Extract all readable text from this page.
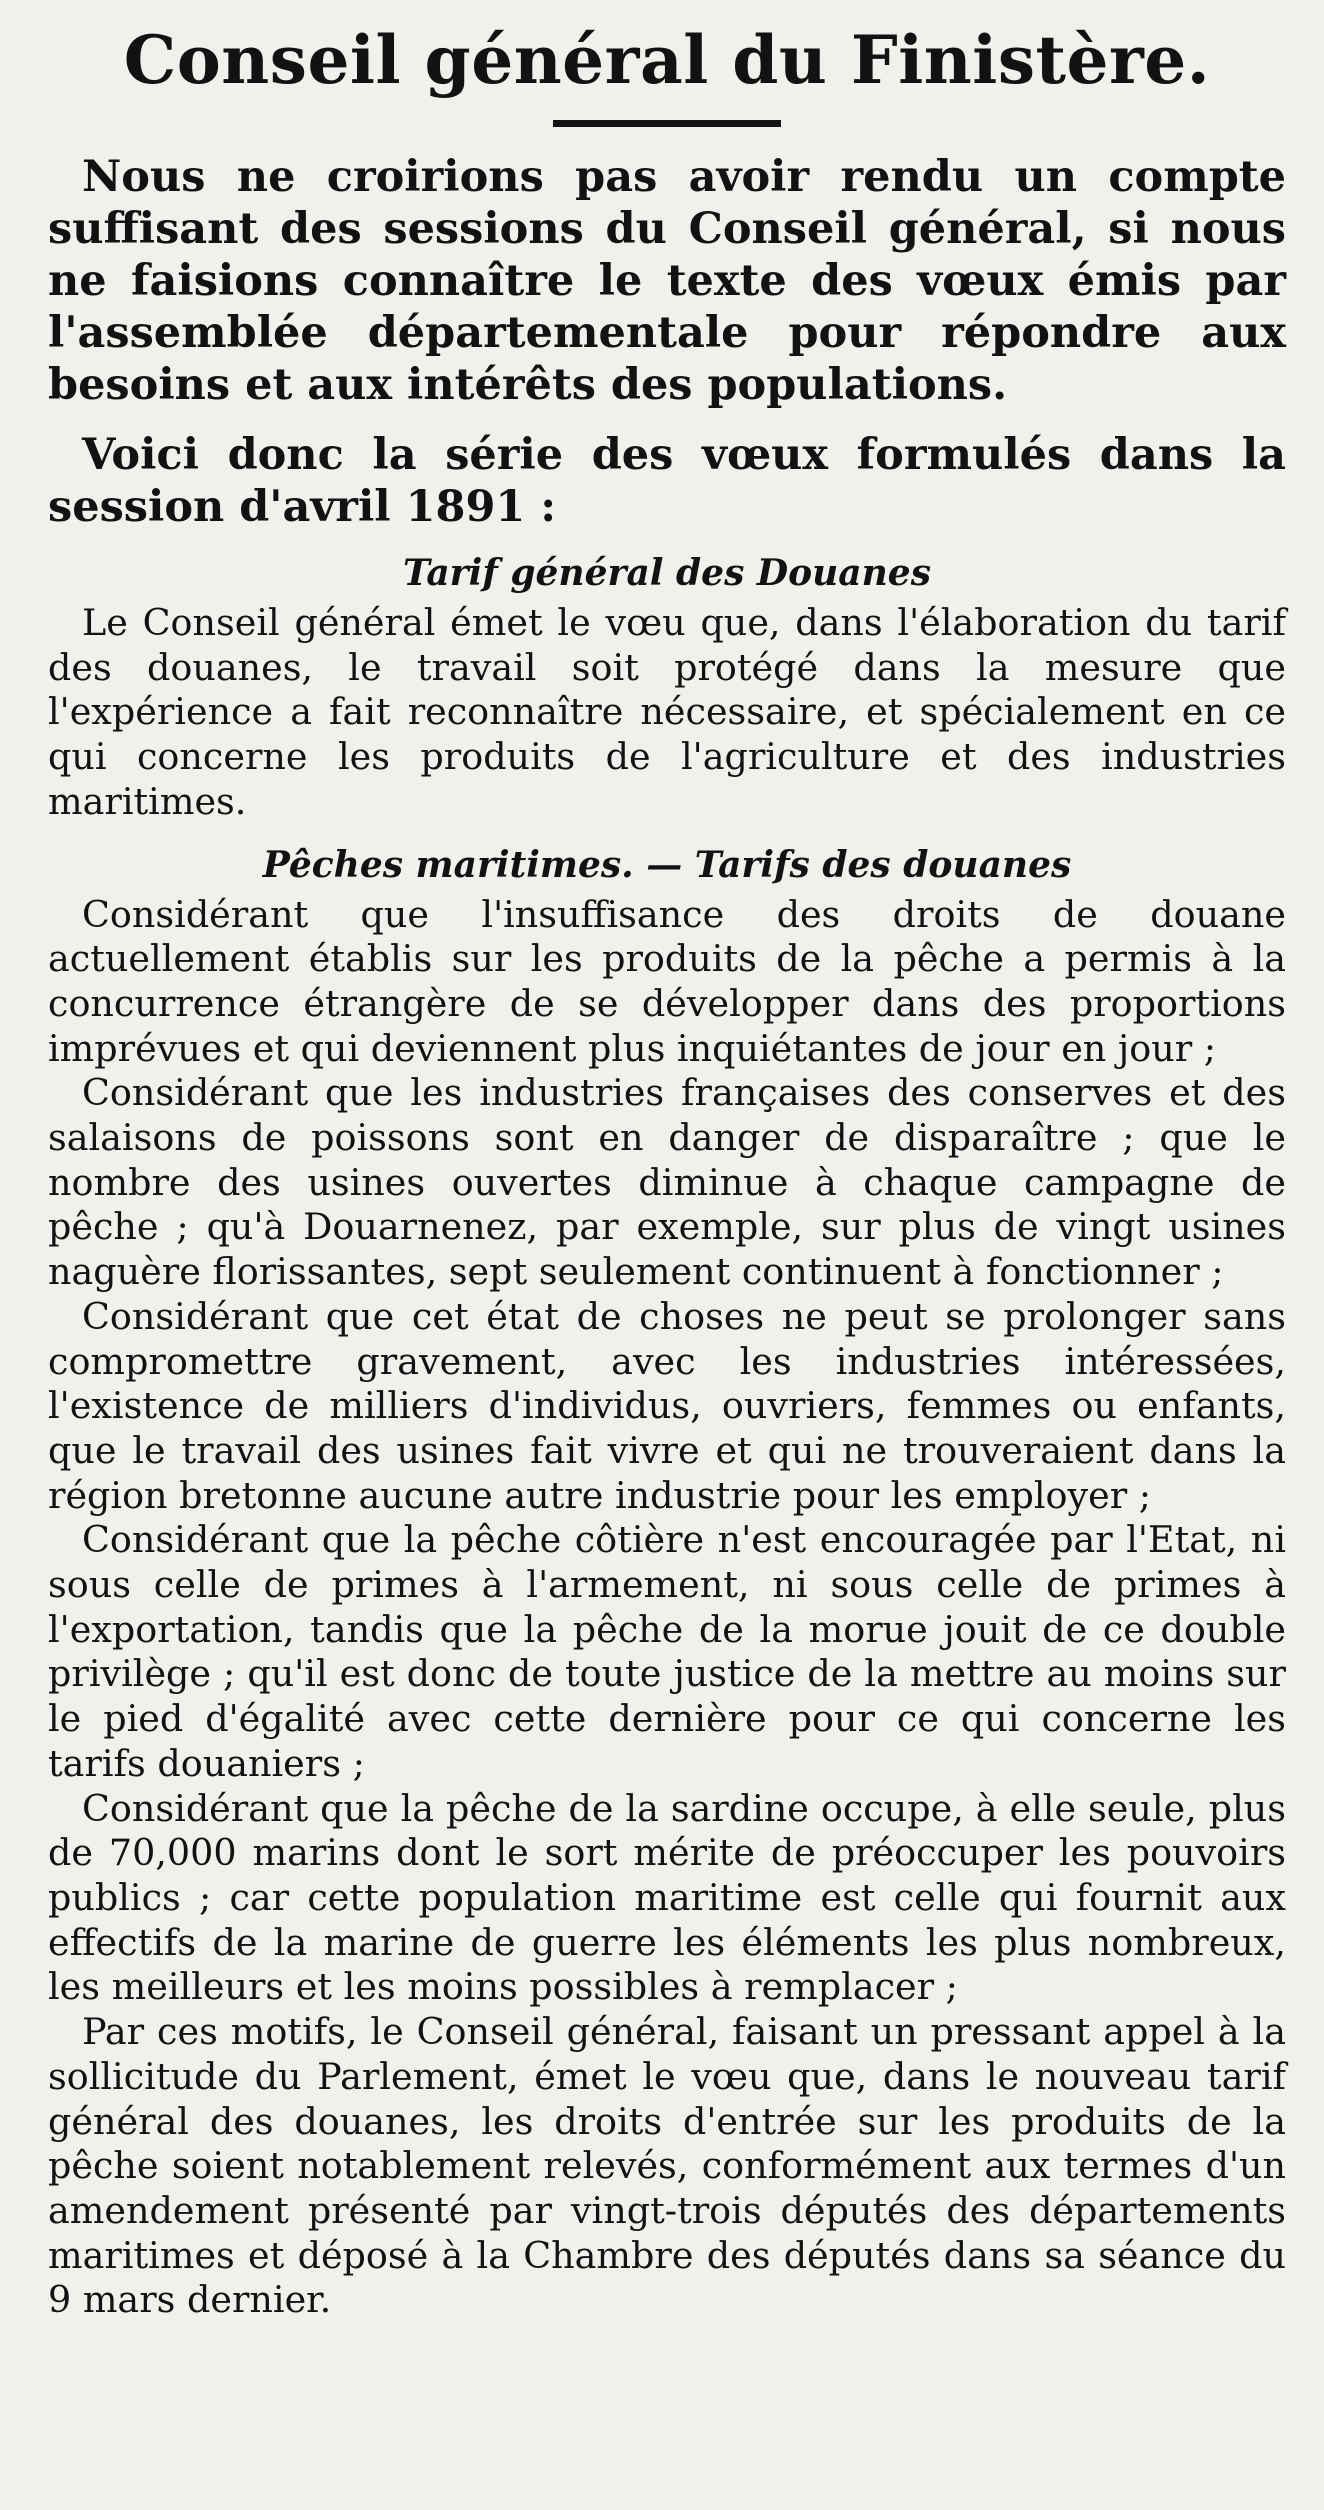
Conseil général du Finistère.

Nous ne croirions pas avoir rendu un compte suffisant des sessions du Conseil général, si nous ne faisions connaître le texte des vœux émis par l'assemblée départementale pour répondre aux besoins et aux intérêts des populations.

Voici donc la série des vœux formulés dans la session d'avril 1891 :

Tarif général des Douanes

Le Conseil général émet le vœu que, dans l'élaboration du tarif des douanes, le travail soit protégé dans la mesure que l'expérience a fait reconnaître nécessaire, et spécialement en ce qui concerne les produits de l'agriculture et des industries maritimes.

Pêches maritimes. — Tarifs des douanes

Considérant que l'insuffisance des droits de douane actuellement établis sur les produits de la pêche a permis à la concurrence étrangère de se développer dans des proportions imprévues et qui deviennent plus inquiétantes de jour en jour ;

Considérant que les industries françaises des conserves et des salaisons de poissons sont en danger de disparaître ; que le nombre des usines ouvertes diminue à chaque campagne de pêche ; qu'à Douarnenez, par exemple, sur plus de vingt usines naguère florissantes, sept seulement continuent à fonctionner ;

Considérant que cet état de choses ne peut se prolonger sans compromettre gravement, avec les industries intéressées, l'existence de milliers d'individus, ouvriers, femmes ou enfants, que le travail des usines fait vivre et qui ne trouveraient dans la région bretonne aucune autre industrie pour les employer ;

Considérant que la pêche côtière n'est encouragée par l'Etat, ni sous celle de primes à l'armement, ni sous celle de primes à l'exportation, tandis que la pêche de la morue jouit de ce double privilège ; qu'il est donc de toute justice de la mettre au moins sur le pied d'égalité avec cette dernière pour ce qui concerne les tarifs douaniers ;

Considérant que la pêche de la sardine occupe, à elle seule, plus de 70,000 marins dont le sort mérite de préoccuper les pouvoirs publics ; car cette population maritime est celle qui fournit aux effectifs de la marine de guerre les éléments les plus nombreux, les meilleurs et les moins possibles à remplacer ;

Par ces motifs, le Conseil général, faisant un pressant appel à la sollicitude du Parlement, émet le vœu que, dans le nouveau tarif général des douanes, les droits d'entrée sur les produits de la pêche soient notablement relevés, conformément aux termes d'un amendement présenté par vingt-trois députés des départements maritimes et déposé à la Chambre des députés dans sa séance du 9 mars dernier.
